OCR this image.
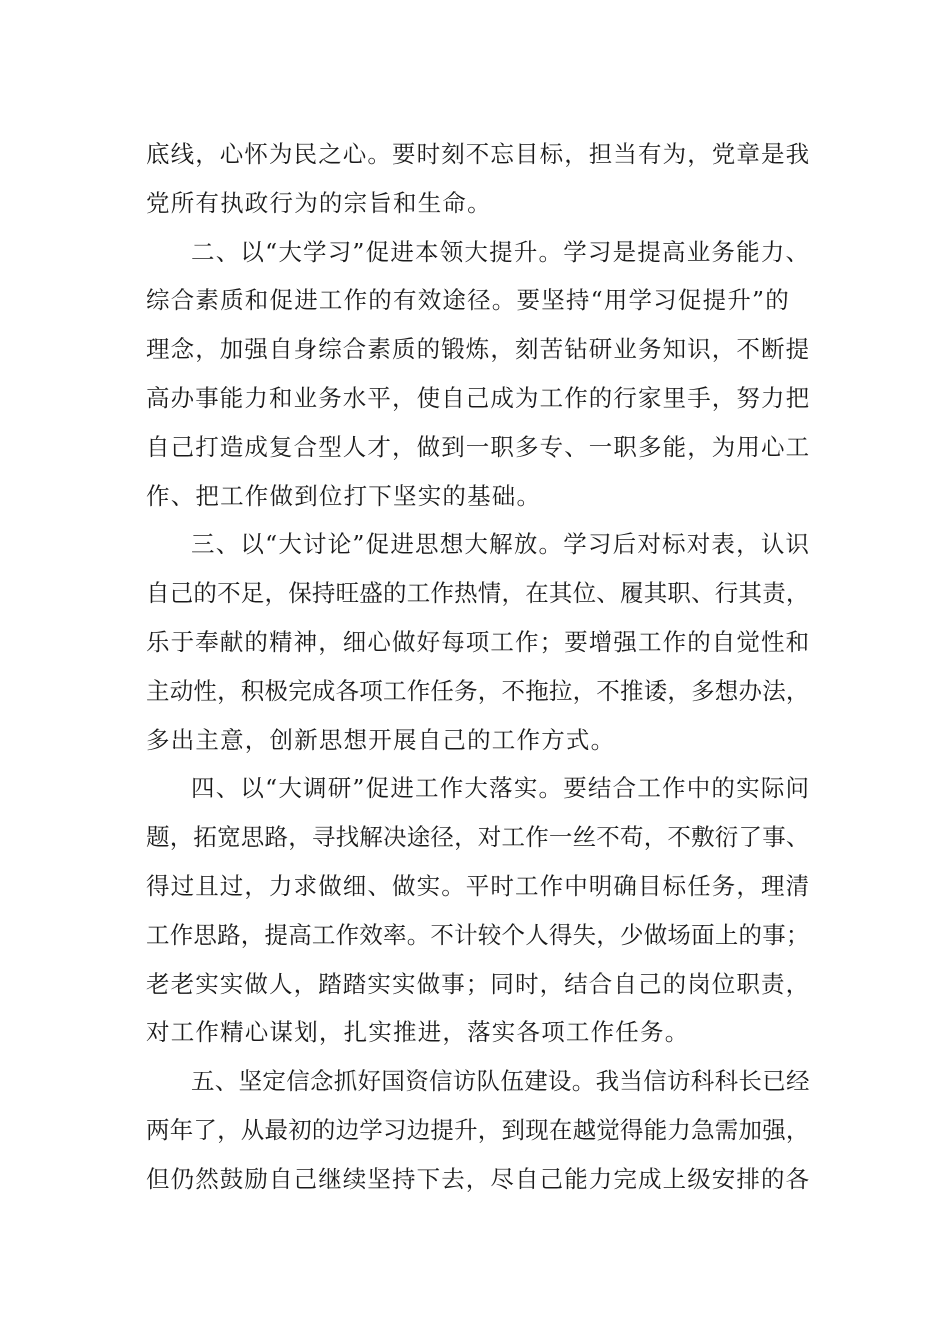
底线，心怀为民之心。要时刻不忘目标，担当有为，党章是我
党所有执政行为的宗旨和生命。

二、以“大学习”促进本领大提升。学习是提高业务能力、
综合素质和促进工作的有效途径。要坚持“用学习促提升”的
理念，加强自身综合素质的锻炼，刻苦钻研业务知识，不断提
高办事能力和业务水平，使自己成为工作的行家里手，努力把
自己打造成复合型人才，做到一职多专、一职多能，为用心工
作、把工作做到位打下坚实的基础。

三、以“大讨论”促进思想大解放。学习后对标对表，认识
自己的不足，保持旺盛的工作热情，在其位、履其职、行其责，
乐于奉献的精神，细心做好每项工作；要增强工作的自觉性和
主动性，积极完成各项工作任务，不拖拉，不推诿，多想办法，
多出主意，创新思想开展自己的工作方式。

四、以“大调研”促进工作大落实。要结合工作中的实际问
题，拓宽思路，寻找解决途径，对工作一丝不苟，不敷衍了事、
得过且过，力求做细、做实。平时工作中明确目标任务，理清
工作思路，提高工作效率。不计较个人得失，少做场面上的事；
老老实实做人，踏踏实实做事；同时，结合自己的岗位职责，
对工作精心谋划，扎实推进，落实各项工作任务。

五、坚定信念抓好国资信访队伍建设。我当信访科科长已经
两年了，从最初的边学习边提升，到现在越觉得能力急需加强，
但仍然鼓励自己继续坚持下去，尽自己能力完成上级安排的各
